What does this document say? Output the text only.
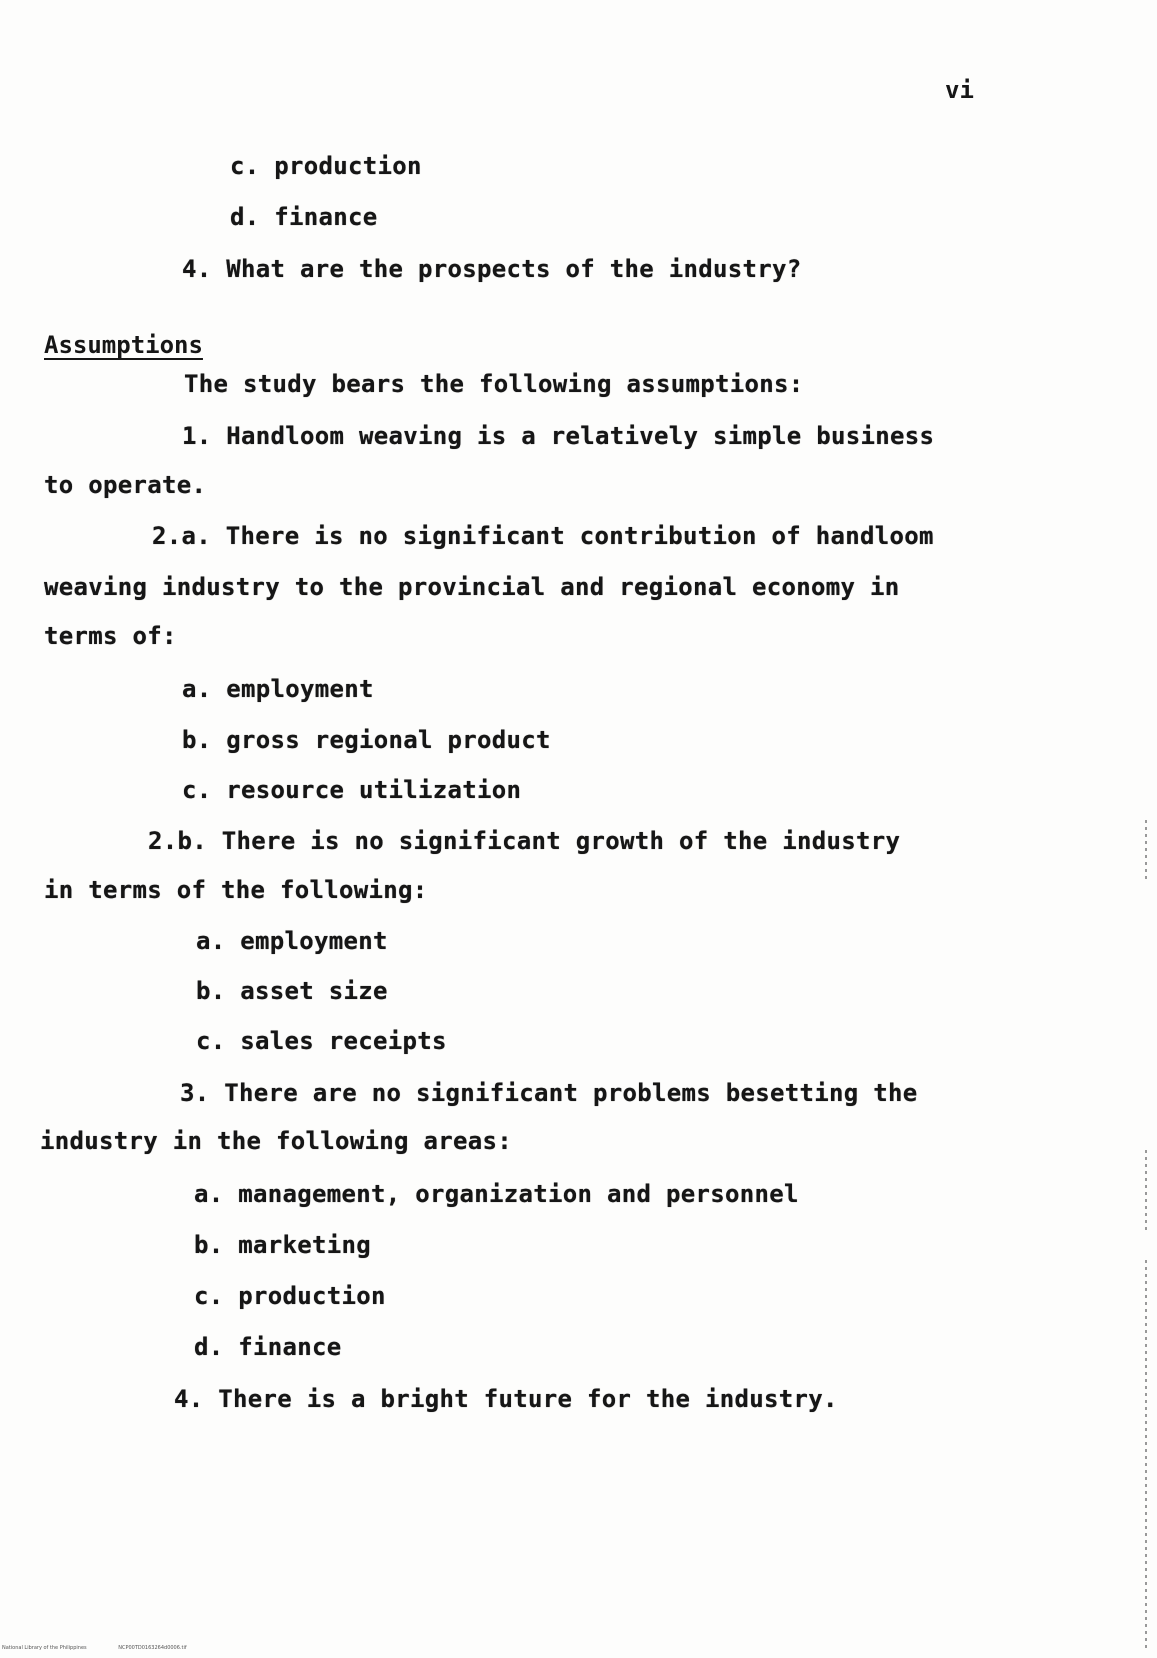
vi
c. production
d. finance
4. What are the prospects of the industry?
Assumptions
The study bears the following assumptions:
1. Handloom weaving is a relatively simple business
to operate.
2.a. There is no significant contribution of handloom
weaving industry to the provincial and regional economy in
terms of:
a. employment
b. gross regional product
c. resource utilization
2.b. There is no significant growth of the industry
in terms of the following:
a. employment
b. asset size
c. sales receipts
3. There are no significant problems besetting the
industry in the following areas:
a. management, organization and personnel
b. marketing
c. production
d. finance
4. There is a bright future for the industry.
National Library of the Philippines	NCP00TD0163264d0006.tif
